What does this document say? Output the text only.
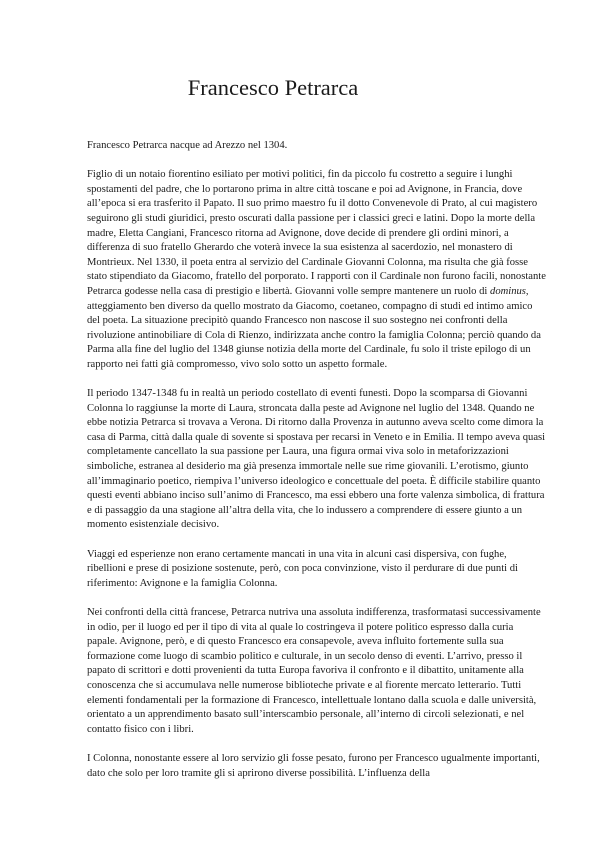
Francesco Petrarca

Francesco Petrarca nacque ad Arezzo nel 1304.

Figlio di un notaio fiorentino esiliato per motivi politici, fin da piccolo fu costretto a seguire i lunghi spostamenti del padre, che lo portarono prima in altre città toscane e poi ad Avignone, in Francia, dove all’epoca si era trasferito il Papato. Il suo primo maestro fu il dotto Convenevole di Prato, al cui magistero seguirono gli studi giuridici, presto oscurati dalla passione per i classici greci e latini. Dopo la morte della madre, Eletta Cangiani, Francesco ritorna ad Avignone, dove decide di prendere gli ordini minori, a differenza di suo fratello Gherardo che voterà invece la sua esistenza al sacerdozio, nel monastero di Montrieux. Nel 1330, il poeta entra al servizio del Cardinale Giovanni Colonna, ma risulta che già fosse stato stipendiato da Giacomo, fratello del porporato. I rapporti con il Cardinale non furono facili, nonostante Petrarca godesse nella casa di prestigio e libertà. Giovanni volle sempre mantenere un ruolo di dominus, atteggiamento ben diverso da quello mostrato da Giacomo, coetaneo, compagno di studi ed intimo amico del poeta. La situazione precipitò quando Francesco non nascose il suo sostegno nei confronti della rivoluzione antinobiliare di Cola di Rienzo, indirizzata anche contro la famiglia Colonna; perciò quando da Parma alla fine del luglio del 1348 giunse notizia della morte del Cardinale, fu solo il triste epilogo di un rapporto nei fatti già compromesso, vivo solo sotto un aspetto formale.

Il periodo 1347-1348 fu in realtà un periodo costellato di eventi funesti. Dopo la scomparsa di Giovanni Colonna lo raggiunse la morte di Laura, stroncata dalla peste ad Avignone nel luglio del 1348. Quando ne ebbe notizia Petrarca si trovava a Verona. Di ritorno dalla Provenza in autunno aveva scelto come dimora la casa di Parma, città dalla quale di sovente si spostava per recarsi in Veneto e in Emilia. Il tempo aveva quasi completamente cancellato la sua passione per Laura, una figura ormai viva solo in metaforizzazioni simboliche, estranea al desiderio ma già presenza immortale nelle sue rime giovanili. L’erotismo, giunto all’immaginario poetico, riempiva l’universo ideologico e concettuale del poeta. È difficile stabilire quanto questi eventi abbiano inciso sull’animo di Francesco, ma essi ebbero una forte valenza simbolica, di frattura e di passaggio da una stagione all’altra della vita, che lo indussero a comprendere di essere giunto a un momento esistenziale decisivo.

Viaggi ed esperienze non erano certamente mancati in una vita in alcuni casi dispersiva, con fughe, ribellioni e prese di posizione sostenute, però, con poca convinzione, visto il perdurare di due punti di riferimento: Avignone e la famiglia Colonna.

Nei confronti della città francese, Petrarca nutriva una assoluta indifferenza, trasformatasi successivamente in odio, per il luogo ed per il tipo di vita al quale lo costringeva il potere politico espresso dalla curia papale. Avignone, però, e di questo Francesco era consapevole, aveva influito fortemente sulla sua formazione come luogo di scambio politico e culturale, in un secolo denso di eventi. L’arrivo, presso il papato di scrittori e dotti provenienti da tutta Europa favoriva il confronto e il dibattito, unitamente alla conoscenza che si accumulava nelle numerose biblioteche private e al fiorente mercato letterario. Tutti elementi fondamentali per la formazione di Francesco, intellettuale lontano dalla scuola e dalle università, orientato a un apprendimento basato sull’interscambio personale, all’interno di circoli selezionati, e nel contatto fisico con i libri.

I Colonna, nonostante essere al loro servizio gli fosse pesato, furono per Francesco ugualmente importanti, dato che solo per loro tramite gli si aprirono diverse possibilità. L’influenza della
